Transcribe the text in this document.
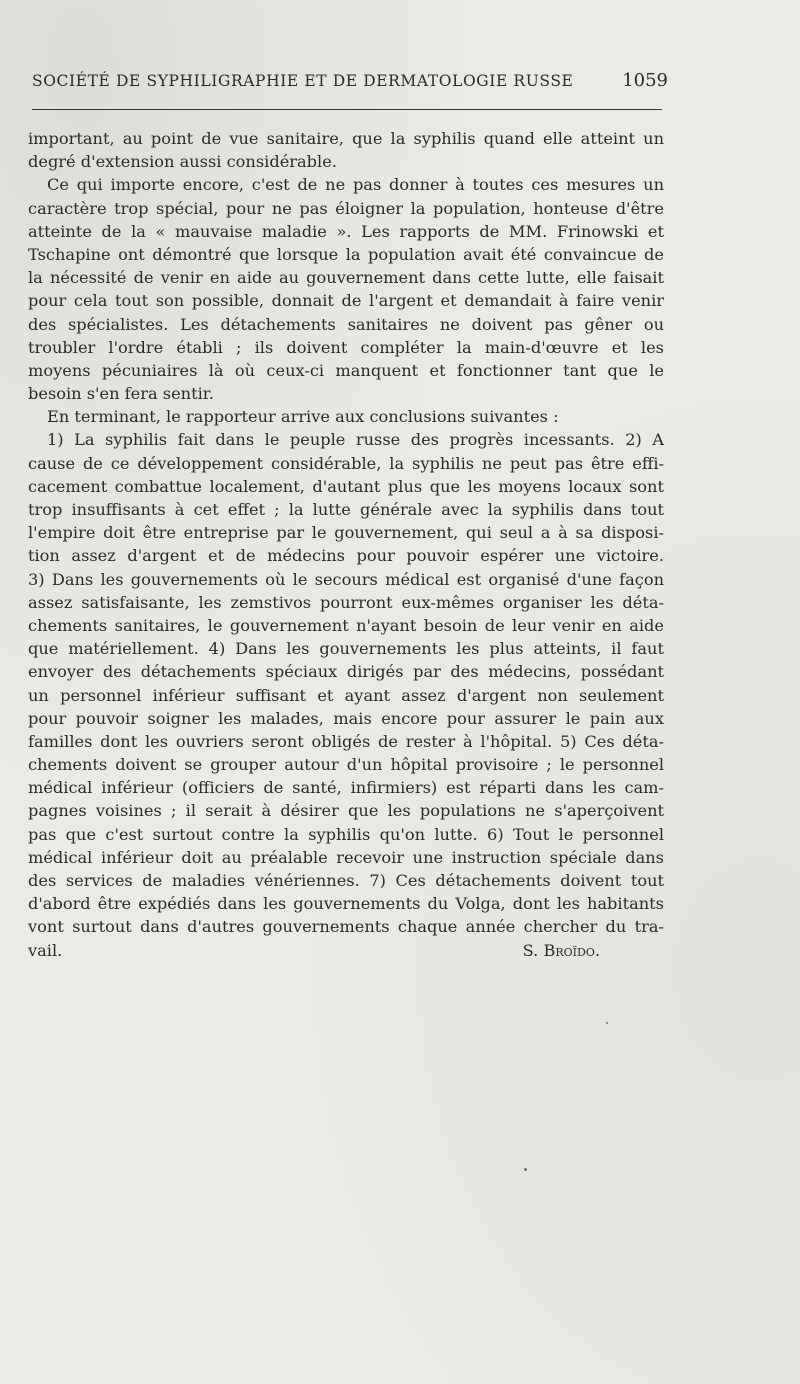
SOCIÉTÉ DE SYPHILIGRAPHIE ET DE DERMATOLOGIE RUSSE	1059
important, au point de vue sanitaire, que la syphilis quand elle atteint un
degré d'extension aussi considérable.
Ce qui importe encore, c'est de ne pas donner à toutes ces mesures un
caractère trop spécial, pour ne pas éloigner la population, honteuse d'être
atteinte de la « mauvaise maladie ». Les rapports de MM. Frinowski et
Tschapine ont démontré que lorsque la population avait été convaincue de
la nécessité de venir en aide au gouvernement dans cette lutte, elle faisait
pour cela tout son possible, donnait de l'argent et demandait à faire venir
des spécialistes. Les détachements sanitaires ne doivent pas gêner ou
troubler l'ordre établi ; ils doivent compléter la main-d'œuvre et les
moyens pécuniaires là où ceux-ci manquent et fonctionner tant que le
besoin s'en fera sentir.
En terminant, le rapporteur arrive aux conclusions suivantes :
1) La syphilis fait dans le peuple russe des progrès incessants. 2) A
cause de ce développement considérable, la syphilis ne peut pas être effi-
cacement combattue localement, d'autant plus que les moyens locaux sont
trop insuffisants à cet effet ; la lutte générale avec la syphilis dans tout
l'empire doit être entreprise par le gouvernement, qui seul a à sa disposi-
tion assez d'argent et de médecins pour pouvoir espérer une victoire.
3) Dans les gouvernements où le secours médical est organisé d'une façon
assez satisfaisante, les zemstivos pourront eux-mêmes organiser les déta-
chements sanitaires, le gouvernement n'ayant besoin de leur venir en aide
que matériellement. 4) Dans les gouvernements les plus atteints, il faut
envoyer des détachements spéciaux dirigés par des médecins, possédant
un personnel inférieur suffisant et ayant assez d'argent non seulement
pour pouvoir soigner les malades, mais encore pour assurer le pain aux
familles dont les ouvriers seront obligés de rester à l'hôpital. 5) Ces déta-
chements doivent se grouper autour d'un hôpital provisoire ; le personnel
médical inférieur (officiers de santé, infirmiers) est réparti dans les cam-
pagnes voisines ; il serait à désirer que les populations ne s'aperçoivent
pas que c'est surtout contre la syphilis qu'on lutte. 6) Tout le personnel
médical inférieur doit au préalable recevoir une instruction spéciale dans
des services de maladies vénériennes. 7) Ces détachements doivent tout
d'abord être expédiés dans les gouvernements du Volga, dont les habitants
vont surtout dans d'autres gouvernements chaque année chercher du tra-
vail.	S. Broïdo.
